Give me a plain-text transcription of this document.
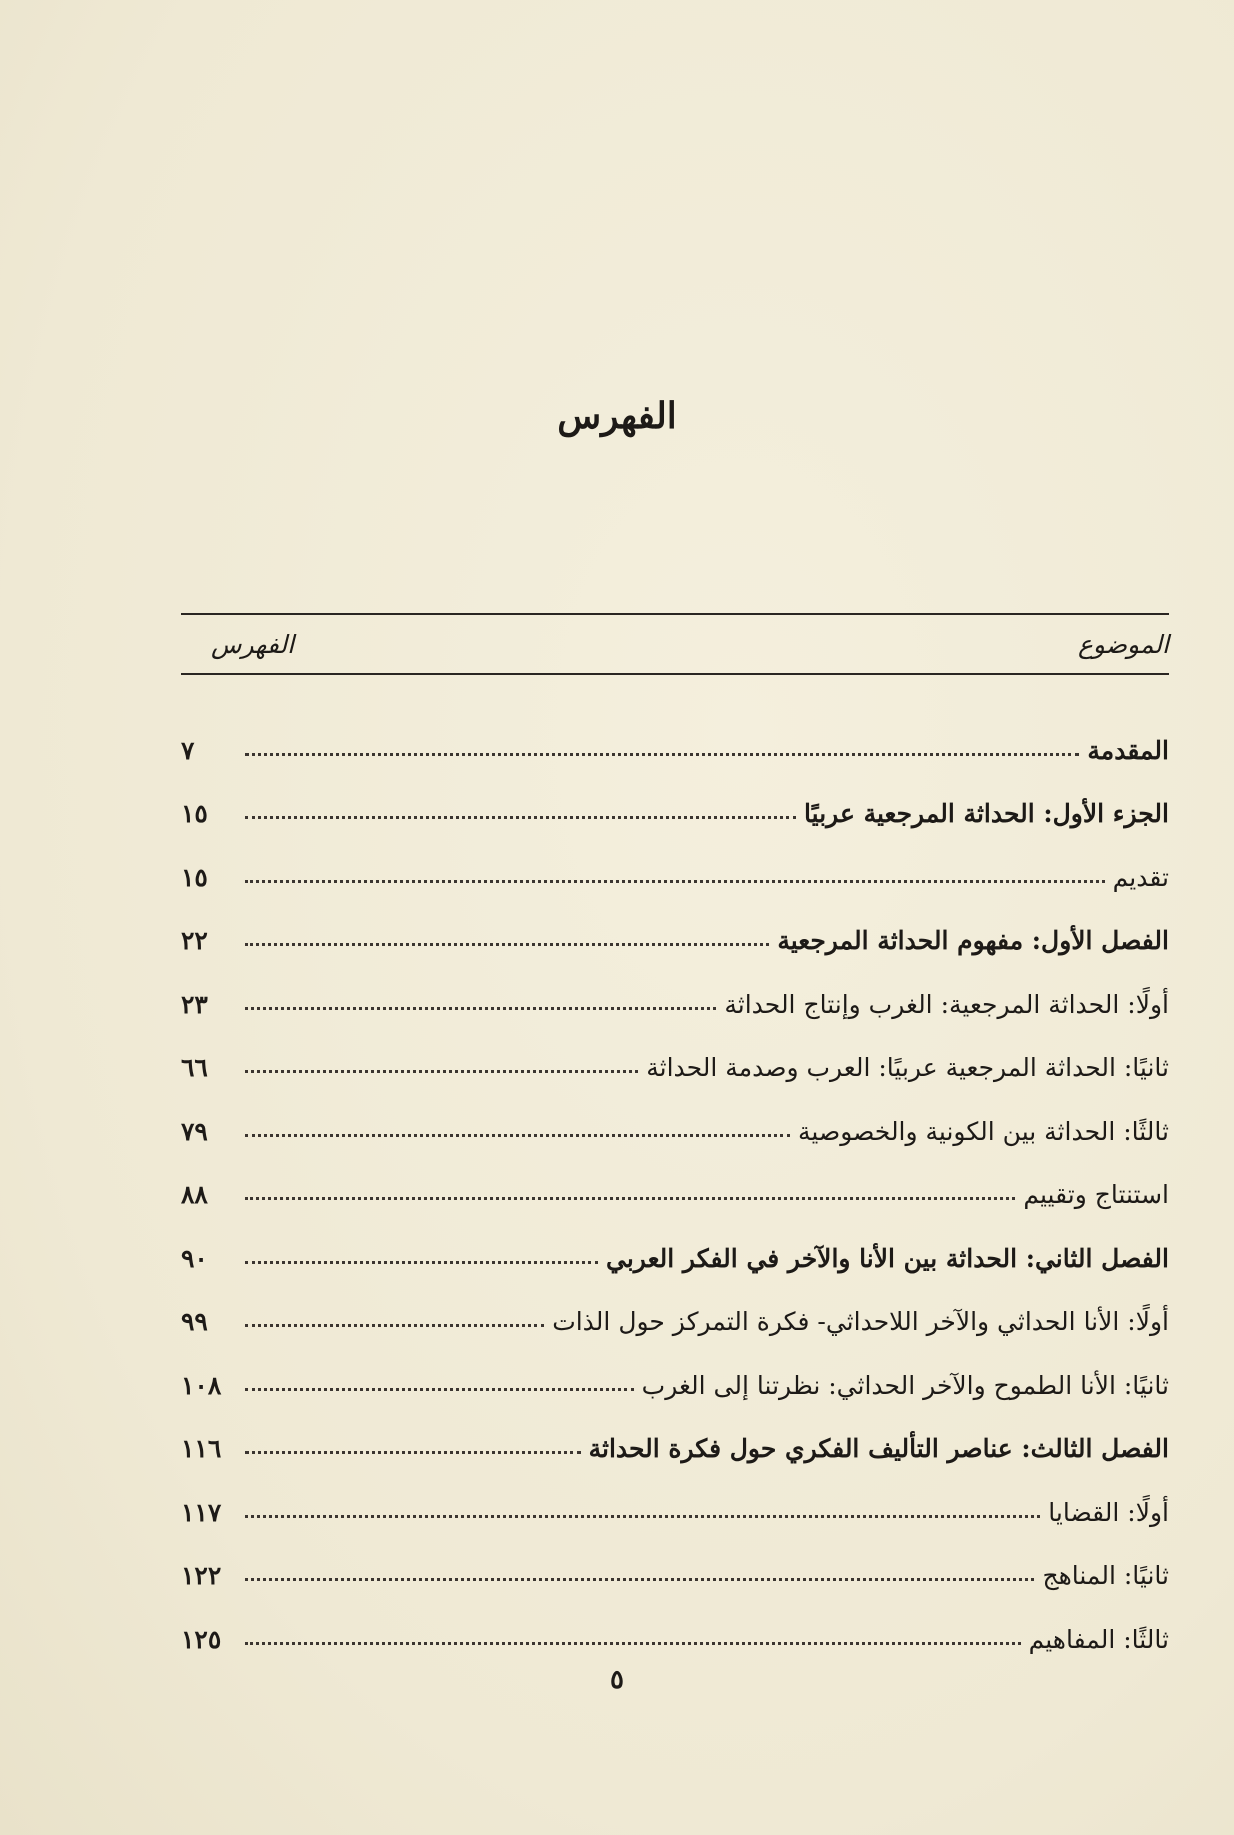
الفهرس
الموضوع
الفهرس
المقدمة
٧
الجزء الأول: الحداثة المرجعية عربيًا
١٥
تقديم
١٥
الفصل الأول: مفهوم الحداثة المرجعية
٢٢
أولًا: الحداثة المرجعية: الغرب وإنتاج الحداثة
٢٣
ثانيًا: الحداثة المرجعية عربيًا: العرب وصدمة الحداثة
٦٦
ثالثًا: الحداثة بين الكونية والخصوصية
٧٩
استنتاج وتقييم
٨٨
الفصل الثاني: الحداثة بين الأنا والآخر في الفكر العربي
٩٠
أولًا: الأنا الحداثي والآخر اللاحداثي- فكرة التمركز حول الذات
٩٩
ثانيًا: الأنا الطموح والآخر الحداثي: نظرتنا إلى الغرب
١٠٨
الفصل الثالث: عناصر التأليف الفكري حول فكرة الحداثة
١١٦
أولًا: القضايا
١١٧
ثانيًا: المناهج
١٢٢
ثالثًا: المفاهيم
١٢٥
٥
